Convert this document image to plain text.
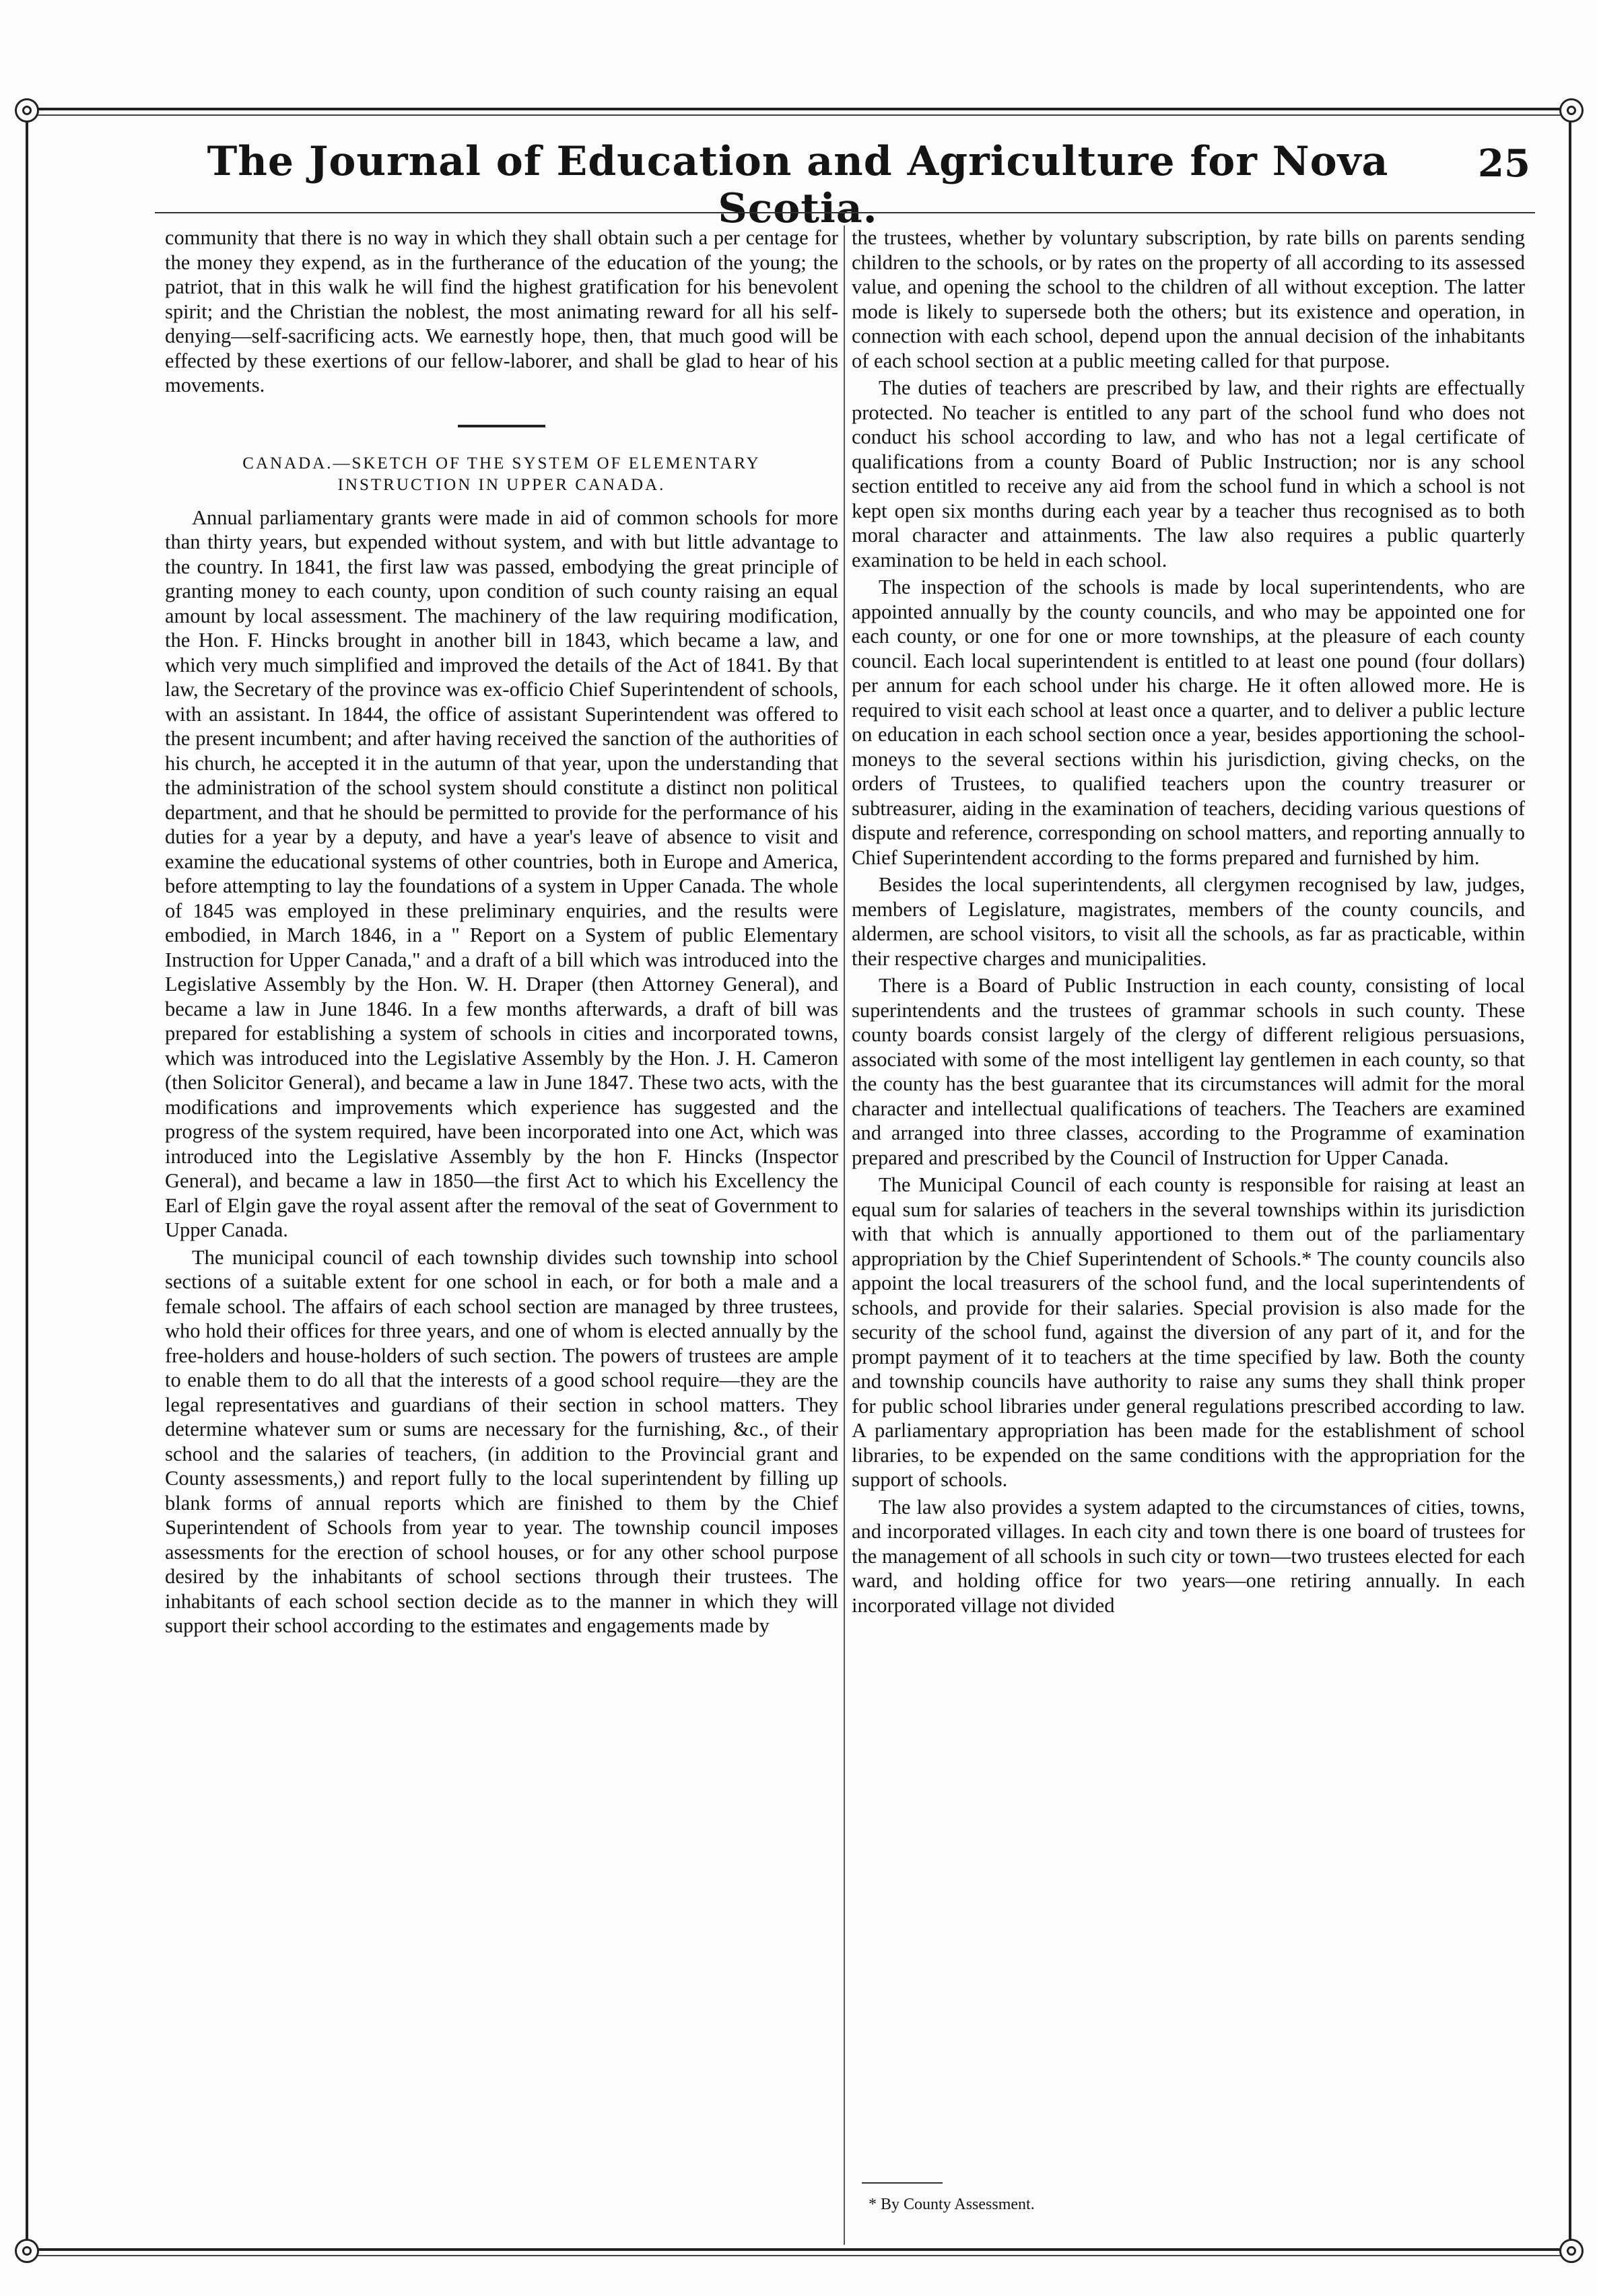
The Journal of Education and Agriculture for Nova Scotia.
25

community that there is no way in which they shall obtain such a per centage for the money they expend, as in the furtherance of the education of the young; the patriot, that in this walk he will find the highest gratification for his benevolent spirit; and the Christian the noblest, the most animating reward for all his self-denying—self-sacrificing acts. We earnestly hope, then, that much good will be effected by these exertions of our fellow-laborer, and shall be glad to hear of his movements.

CANADA.—SKETCH OF THE SYSTEM OF ELEMENTARY
INSTRUCTION IN UPPER CANADA.

Annual parliamentary grants were made in aid of common schools for more than thirty years, but expended without system, and with but little advantage to the country. In 1841, the first law was passed, embodying the great principle of granting money to each county, upon condition of such county raising an equal amount by local assessment. The machinery of the law requiring modification, the Hon. F. Hincks brought in another bill in 1843, which became a law, and which very much simplified and improved the details of the Act of 1841. By that law, the Secretary of the province was ex-officio Chief Superintendent of schools, with an assistant. In 1844, the office of assistant Superintendent was offered to the present incumbent; and after having received the sanction of the authorities of his church, he accepted it in the autumn of that year, upon the understanding that the administration of the school system should constitute a distinct non political department, and that he should be permitted to provide for the performance of his duties for a year by a deputy, and have a year's leave of absence to visit and examine the educational systems of other countries, both in Europe and America, before attempting to lay the foundations of a system in Upper Canada. The whole of 1845 was employed in these preliminary enquiries, and the results were embodied, in March 1846, in a " Report on a System of public Elementary Instruction for Upper Canada," and a draft of a bill which was introduced into the Legislative Assembly by the Hon. W. H. Draper (then Attorney General), and became a law in June 1846. In a few months afterwards, a draft of bill was prepared for establishing a system of schools in cities and incorporated towns, which was introduced into the Legislative Assembly by the Hon. J. H. Cameron (then Solicitor General), and became a law in June 1847. These two acts, with the modifications and improvements which experience has suggested and the progress of the system required, have been incorporated into one Act, which was introduced into the Legislative Assembly by the hon F. Hincks (Inspector General), and became a law in 1850—the first Act to which his Excellency the Earl of Elgin gave the royal assent after the removal of the seat of Government to Upper Canada.

The municipal council of each township divides such township into school sections of a suitable extent for one school in each, or for both a male and a female school. The affairs of each school section are managed by three trustees, who hold their offices for three years, and one of whom is elected annually by the free-holders and house-holders of such section. The powers of trustees are ample to enable them to do all that the interests of a good school require—they are the legal representatives and guardians of their section in school matters. They determine whatever sum or sums are necessary for the furnishing, &c., of their school and the salaries of teachers, (in addition to the Provincial grant and County assessments,) and report fully to the local superintendent by filling up blank forms of annual reports which are finished to them by the Chief Superintendent of Schools from year to year. The township council imposes assessments for the erection of school houses, or for any other school purpose desired by the inhabitants of school sections through their trustees. The inhabitants of each school section decide as to the manner in which they will support their school according to the estimates and engagements made by

the trustees, whether by voluntary subscription, by rate bills on parents sending children to the schools, or by rates on the property of all according to its assessed value, and opening the school to the children of all without exception. The latter mode is likely to supersede both the others; but its existence and operation, in connection with each school, depend upon the annual decision of the inhabitants of each school section at a public meeting called for that purpose.

The duties of teachers are prescribed by law, and their rights are effectually protected. No teacher is entitled to any part of the school fund who does not conduct his school according to law, and who has not a legal certificate of qualifications from a county Board of Public Instruction; nor is any school section entitled to receive any aid from the school fund in which a school is not kept open six months during each year by a teacher thus recognised as to both moral character and attainments. The law also requires a public quarterly examination to be held in each school.

The inspection of the schools is made by local superintendents, who are appointed annually by the county councils, and who may be appointed one for each county, or one for one or more townships, at the pleasure of each county council. Each local superintendent is entitled to at least one pound (four dollars) per annum for each school under his charge. He it often allowed more. He is required to visit each school at least once a quarter, and to deliver a public lecture on education in each school section once a year, besides apportioning the school-moneys to the several sections within his jurisdiction, giving checks, on the orders of Trustees, to qualified teachers upon the country treasurer or subtreasurer, aiding in the examination of teachers, deciding various questions of dispute and reference, corresponding on school matters, and reporting annually to Chief Superintendent according to the forms prepared and furnished by him.

Besides the local superintendents, all clergymen recognised by law, judges, members of Legislature, magistrates, members of the county councils, and aldermen, are school visitors, to visit all the schools, as far as practicable, within their respective charges and municipalities.

There is a Board of Public Instruction in each county, consisting of local superintendents and the trustees of grammar schools in such county. These county boards consist largely of the clergy of different religious persuasions, associated with some of the most intelligent lay gentlemen in each county, so that the county has the best guarantee that its circumstances will admit for the moral character and intellectual qualifications of teachers. The Teachers are examined and arranged into three classes, according to the Programme of examination prepared and prescribed by the Council of Instruction for Upper Canada.

The Municipal Council of each county is responsible for raising at least an equal sum for salaries of teachers in the several townships within its jurisdiction with that which is annually apportioned to them out of the parliamentary appropriation by the Chief Superintendent of Schools.* The county councils also appoint the local treasurers of the school fund, and the local superintendents of schools, and provide for their salaries. Special provision is also made for the security of the school fund, against the diversion of any part of it, and for the prompt payment of it to teachers at the time specified by law. Both the county and township councils have authority to raise any sums they shall think proper for public school libraries under general regulations prescribed according to law. A parliamentary appropriation has been made for the establishment of school libraries, to be expended on the same conditions with the appropriation for the support of schools.

The law also provides a system adapted to the circumstances of cities, towns, and incorporated villages. In each city and town there is one board of trustees for the management of all schools in such city or town—two trustees elected for each ward, and holding office for two years—one retiring annually. In each incorporated village not divided

* By County Assessment.
